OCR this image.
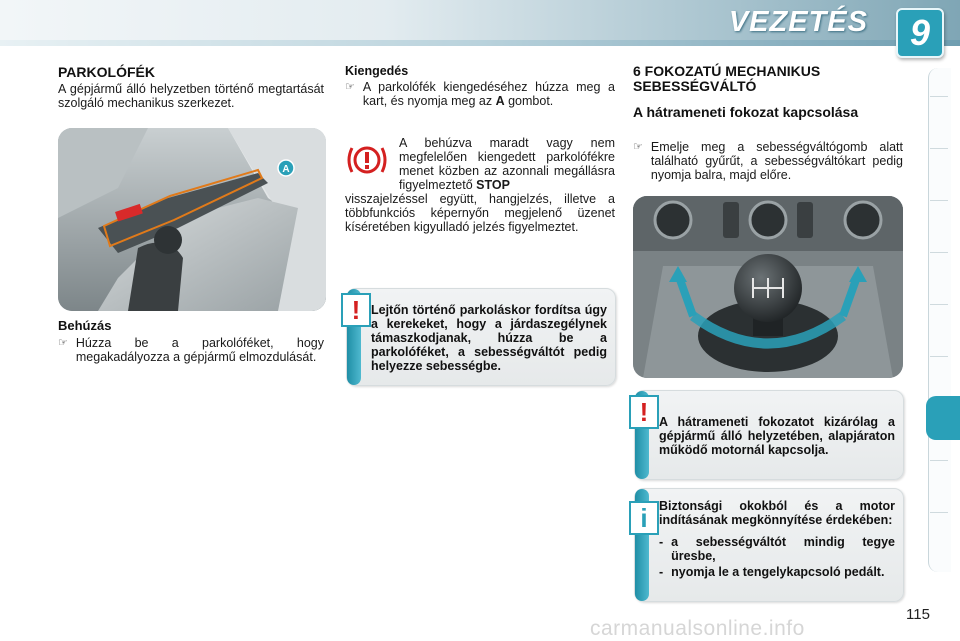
VEZETÉS 9
PARKOLÓFÉK
A gépjármű álló helyzetben történő megtartását szolgáló mechanikus szerkezet.
A
Behúzás
☞ Húzza be a parkolóféket, hogy megakadályozza a gépjármű elmozdulását.
Kiengedés
☞ A parkolófék kiengedéséhez húzza meg a kart, és nyomja meg az A gombot.
A behúzva maradt vagy nem megfelelően kiengedett parkolófékre menet közben az azonnali megállásra figyelmeztető STOP
visszajelzéssel együtt, hangjelzés, illetve a többfunkciós képernyőn megjelenő üzenet kíséretében kigyulladó jelzés figyelmeztet.
! Lejtőn történő parkoláskor fordítsa úgy a kerekeket, hogy a járdaszegélynek támaszkodjanak, húzza be a parkolóféket, a sebességváltót pedig helyezze sebességbe.
6 FOKOZATÚ MECHANIKUS SEBESSÉGVÁLTÓ
A hátrameneti fokozat kapcsolása
☞ Emelje meg a sebességváltógomb alatt található gyűrűt, a sebességváltókart pedig nyomja balra, majd előre.
! A hátrameneti fokozatot kizárólag a gépjármű álló helyzetében, alapjáraton működő motornál kapcsolja.
i Biztonsági okokból és a motor indításának megkönnyítése érdekében:
- a sebességváltót mindig tegye üresbe,
- nyomja le a tengelykapcsoló pedált.
115
carmanualsonline.info
